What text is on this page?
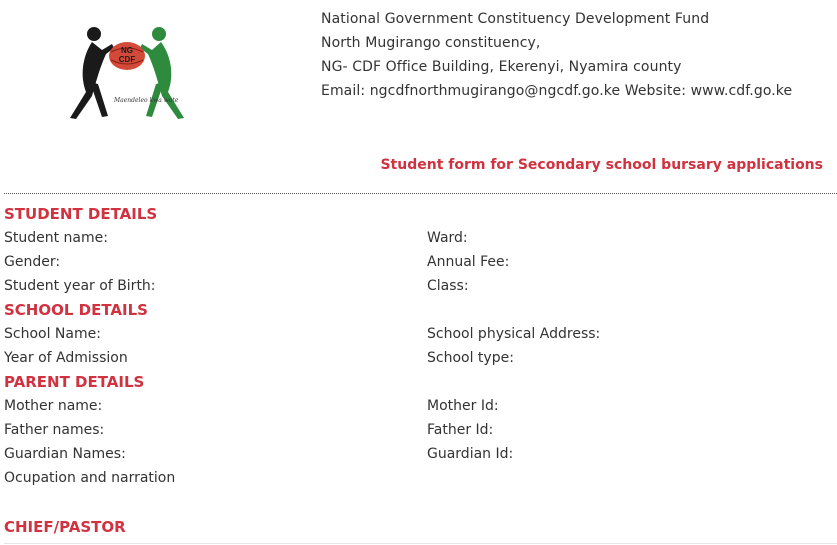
NG
CDF
Maendeleo kwa wote
National Government Constituency Development Fund
North Mugirango constituency,
NG- CDF Office Building, Ekerenyi, Nyamira county
Email: ngcdfnorthmugirango@ngcdf.go.ke Website: www.cdf.go.ke
Student form for Secondary school bursary applications
STUDENT DETAILS
Student name:
Gender:
Student year of Birth:
Ward:
Annual Fee:
Class:
SCHOOL DETAILS
School Name:
Year of Admission
School physical Address:
School type:
PARENT DETAILS
Mother name:
Father names:
Guardian Names:
Ocupation and narration
Mother Id:
Father Id:
Guardian Id:
CHIEF/PASTOR
